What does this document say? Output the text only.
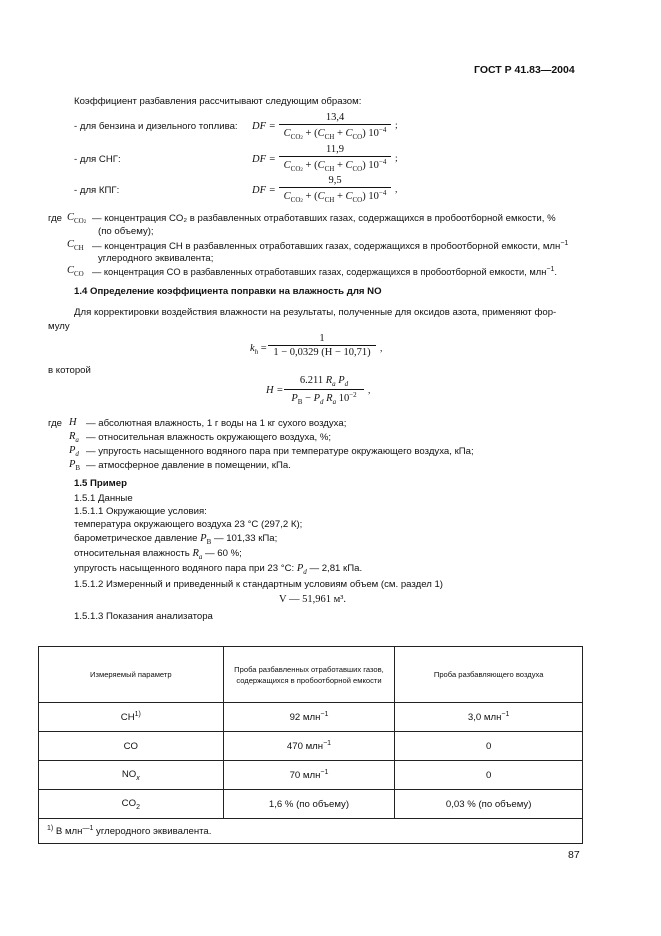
ГОСТ Р 41.83—2004
Коэффициент разбавления рассчитывают следующим образом:
- для бензина и дизельного топлива: DF =
13,4
$C_{CO2} + (C_{CH} + C_{CO})$ $10^{-4}$ ;
- для СНГ:	DF =
11,9
$C_{CO2} + (C_{CH} + C_{CO})$ $10^{-4}$ ;
- для КПГ:	DF =
9,5
$C_{CO2} + (C_{CH} + C_{CO})$ $10^{-4}$ ,
где $C_{CO2}$ — концентрация CO₂ в разбавленных отработавших газах, содержащихся в пробоотборной емкости, %
(по объему);
$C_{CH}$ — концентрация CH в разбавленных отработавших газах, содержащихся в пробоотборной емкости, млн$^{-1}$
углеродного эквивалента;
$C_{CO}$ — концентрация CO в разбавленных отработавших газах, содержащихся в пробоотборной емкости, млн$^{-1}$.
1.4 Определение коэффициента поправки на влажность для NO
Для корректировки воздействия влажности на результаты, полученные для оксидов азота, применяют фор-
мулу
$k_h = \frac{1}{1 - 0,0329 (H - 10,71)}$ ,
в которой
$H = \frac{6.211 R_a P_d}{P_B - P_d R_a 10^{-2}}$ ,
где H — абсолютная влажность, 1 г воды на 1 кг сухого воздуха;
$R_a$ — относительная влажность окружающего воздуха, %;
$P_d$ — упругость насыщенного водяного пара при температуре окружающего воздуха, кПа;
$P_B$ — атмосферное давление в помещении, кПа.
1.5 Пример
1.5.1 Данные
1.5.1.1 Окружающие условия:
температура окружающего воздуха 23 °С (297,2 К);
барометрическое давление $P_B$ — 101,33 кПа;
относительная влажность $R_a$ — 60 %;
упругость насыщенного водяного пара при 23 °С: $P_d$ — 2,81 кПа.
1.5.1.2 Измеренный и приведенный к стандартным условиям объем (см. раздел 1)
V — 51,961 м³.
1.5.1.3 Показания анализатора
Измеряемый параметр	Проба разбавленных отработавших газов, содержащихся в пробоотборной емкости	Проба разбавляющего воздуха
CH$^{1)}$	92 млн$^{-1}$	3,0 млн$^{-1}$
CO	470 млн$^{-1}$	0
$NO_x$	70 млн$^{-1}$	0
$CO_2$	1,6 % (по объему)	0,03 % (по объему)
$^{1)}$ В млн$^{—1}$ углеродного эквивалента.		
87
